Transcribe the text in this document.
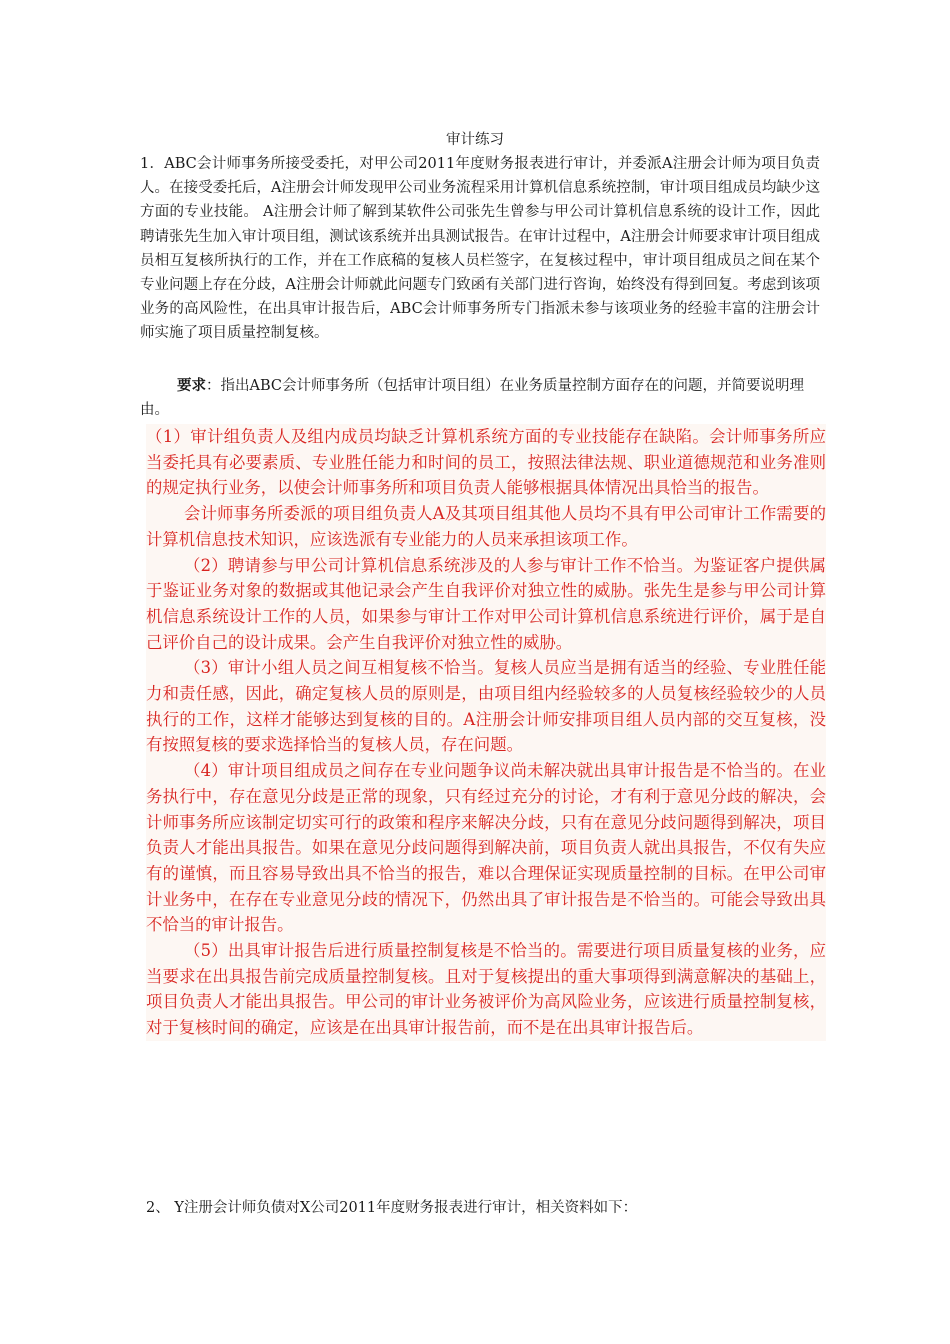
审计练习

1．ABC会计师事务所接受委托，对甲公司2011年度财务报表进行审计，并委派A注册会计师为项目负责人。在接受委托后，A注册会计师发现甲公司业务流程采用计算机信息系统控制，审计项目组成员均缺少这方面的专业技能。 A注册会计师了解到某软件公司张先生曾参与甲公司计算机信息系统的设计工作，因此聘请张先生加入审计项目组，测试该系统并出具测试报告。在审计过程中，A注册会计师要求审计项目组成员相互复核所执行的工作，并在工作底稿的复核人员栏签字，在复核过程中，审计项目组成员之间在某个专业问题上存在分歧，A注册会计师就此问题专门致函有关部门进行咨询，始终没有得到回复。考虑到该项业务的高风险性，在出具审计报告后，ABC会计师事务所专门指派未参与该项业务的经验丰富的注册会计师实施了项目质量控制复核。

要求：指出ABC会计师事务所（包括审计项目组）在业务质量控制方面存在的问题，并简要说明理由。

（1）审计组负责人及组内成员均缺乏计算机系统方面的专业技能存在缺陷。会计师事务所应当委托具有必要素质、专业胜任能力和时间的员工，按照法律法规、职业道德规范和业务准则的规定执行业务，以使会计师事务所和项目负责人能够根据具体情况出具恰当的报告。

会计师事务所委派的项目组负责人A及其项目组其他人员均不具有甲公司审计工作需要的计算机信息技术知识，应该选派有专业能力的人员来承担该项工作。

（2）聘请参与甲公司计算机信息系统涉及的人参与审计工作不恰当。为鉴证客户提供属于鉴证业务对象的数据或其他记录会产生自我评价对独立性的威胁。张先生是参与甲公司计算机信息系统设计工作的人员，如果参与审计工作对甲公司计算机信息系统进行评价，属于是自己评价自己的设计成果。会产生自我评价对独立性的威胁。

（3）审计小组人员之间互相复核不恰当。复核人员应当是拥有适当的经验、专业胜任能力和责任感，因此，确定复核人员的原则是，由项目组内经验较多的人员复核经验较少的人员执行的工作，这样才能够达到复核的目的。A注册会计师安排项目组人员内部的交互复核，没有按照复核的要求选择恰当的复核人员，存在问题。

（4）审计项目组成员之间存在专业问题争议尚未解决就出具审计报告是不恰当的。在业务执行中，存在意见分歧是正常的现象，只有经过充分的讨论，才有利于意见分歧的解决，会计师事务所应该制定切实可行的政策和程序来解决分歧，只有在意见分歧问题得到解决，项目负责人才能出具报告。如果在意见分歧问题得到解决前，项目负责人就出具报告，不仅有失应有的谨慎，而且容易导致出具不恰当的报告，难以合理保证实现质量控制的目标。在甲公司审计业务中，在存在专业意见分歧的情况下，仍然出具了审计报告是不恰当的。可能会导致出具不恰当的审计报告。

（5）出具审计报告后进行质量控制复核是不恰当的。需要进行项目质量复核的业务，应当要求在出具报告前完成质量控制复核。且对于复核提出的重大事项得到满意解决的基础上，项目负责人才能出具报告。甲公司的审计业务被评价为高风险业务，应该进行质量控制复核，对于复核时间的确定，应该是在出具审计报告前，而不是在出具审计报告后。

2、 Y注册会计师负债对X公司2011年度财务报表进行审计，相关资料如下：
